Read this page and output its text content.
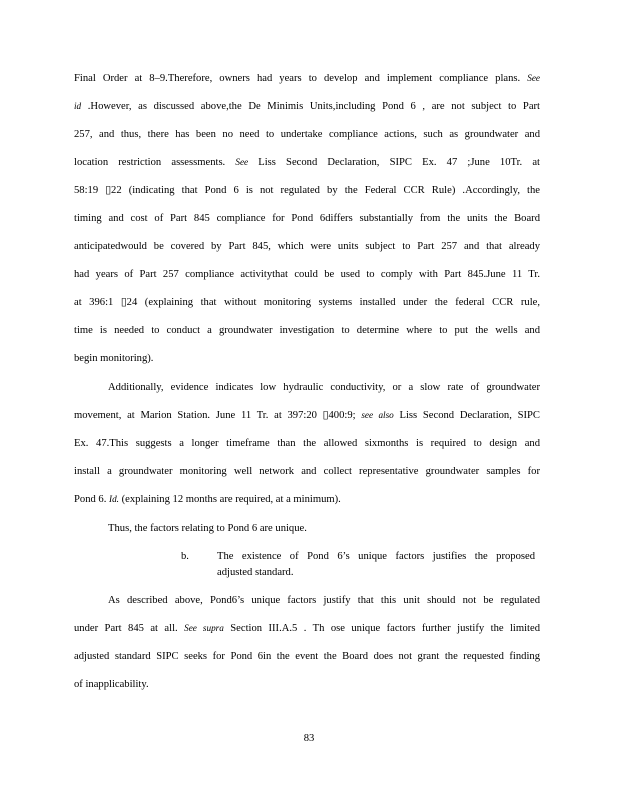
Final Order at 8–9.Therefore, owners had years to develop and implement compliance plans. See
id .However, as discussed above,the De Minimis Units,including Pond 6 , are not subject to Part
257, and thus, there has been no need to undertake compliance actions, such as groundwater and
location restriction assessments. See Liss Second Declaration, SIPC Ex. 47 ;June 10Tr. at
58:19 ▯22 (indicating that Pond 6 is not regulated by the Federal CCR Rule) .Accordingly, the
timing and cost of Part 845 compliance for Pond 6differs substantially from the units the Board
anticipatedwould be covered by Part 845, which were units subject to Part 257 and that already
had years of Part 257 compliance activitythat could be used to comply with Part 845.June 11 Tr.
at 396:1 ▯24 (explaining that without monitoring systems installed under the federal CCR rule,
time is needed to conduct a groundwater investigation to determine where to put the wells and
begin monitoring).
Additionally, evidence indicates low hydraulic conductivity, or a slow rate of groundwater
movement, at Marion Station. June 11 Tr. at 397:20 ▯400:9; see also Liss Second Declaration, SIPC
Ex. 47.This suggests a longer timeframe than the allowed sixmonths is required to design and
install a groundwater monitoring well network and collect representative groundwater samples for
Pond 6. Id. (explaining 12 months are required, at a minimum).
Thus, the factors relating to Pond 6 are unique.
b.	The existence of Pond 6’s unique factors justifies the proposed
adjusted standard.
As described above, Pond6’s unique factors justify that this unit should not be regulated
under Part 845 at all. See supra Section III.A.5 . Th ose unique factors further justify the limited
adjusted standard SIPC seeks for Pond 6in the event the Board does not grant the requested finding
of inapplicability.
83
